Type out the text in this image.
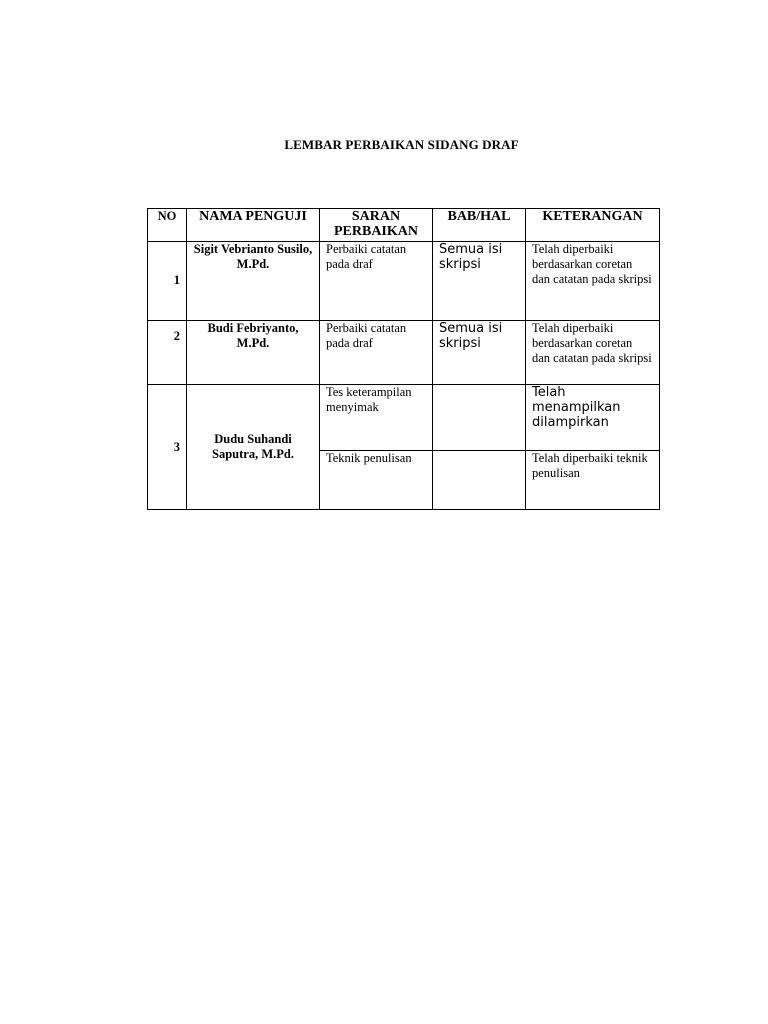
LEMBAR PERBAIKAN SIDANG DRAF
NO	NAMA PENGUJI	SARAN PERBAIKAN	BAB/HAL	KETERANGAN
1	Sigit Vebrianto Susilo, M.Pd.	Perbaiki catatan pada draf	Semua isi skripsi	Telah diperbaiki berdasarkan coretan dan catatan pada skripsi
2	Budi Febriyanto, M.Pd.	Perbaiki catatan pada draf	Semua isi skripsi	Telah diperbaiki berdasarkan coretan dan catatan pada skripsi
3	Dudu Suhandi Saputra, M.Pd.	Tes keterampilan menyimak		Telah menampilkan dilampirkan
		Teknik penulisan		Telah diperbaiki teknik penulisan
